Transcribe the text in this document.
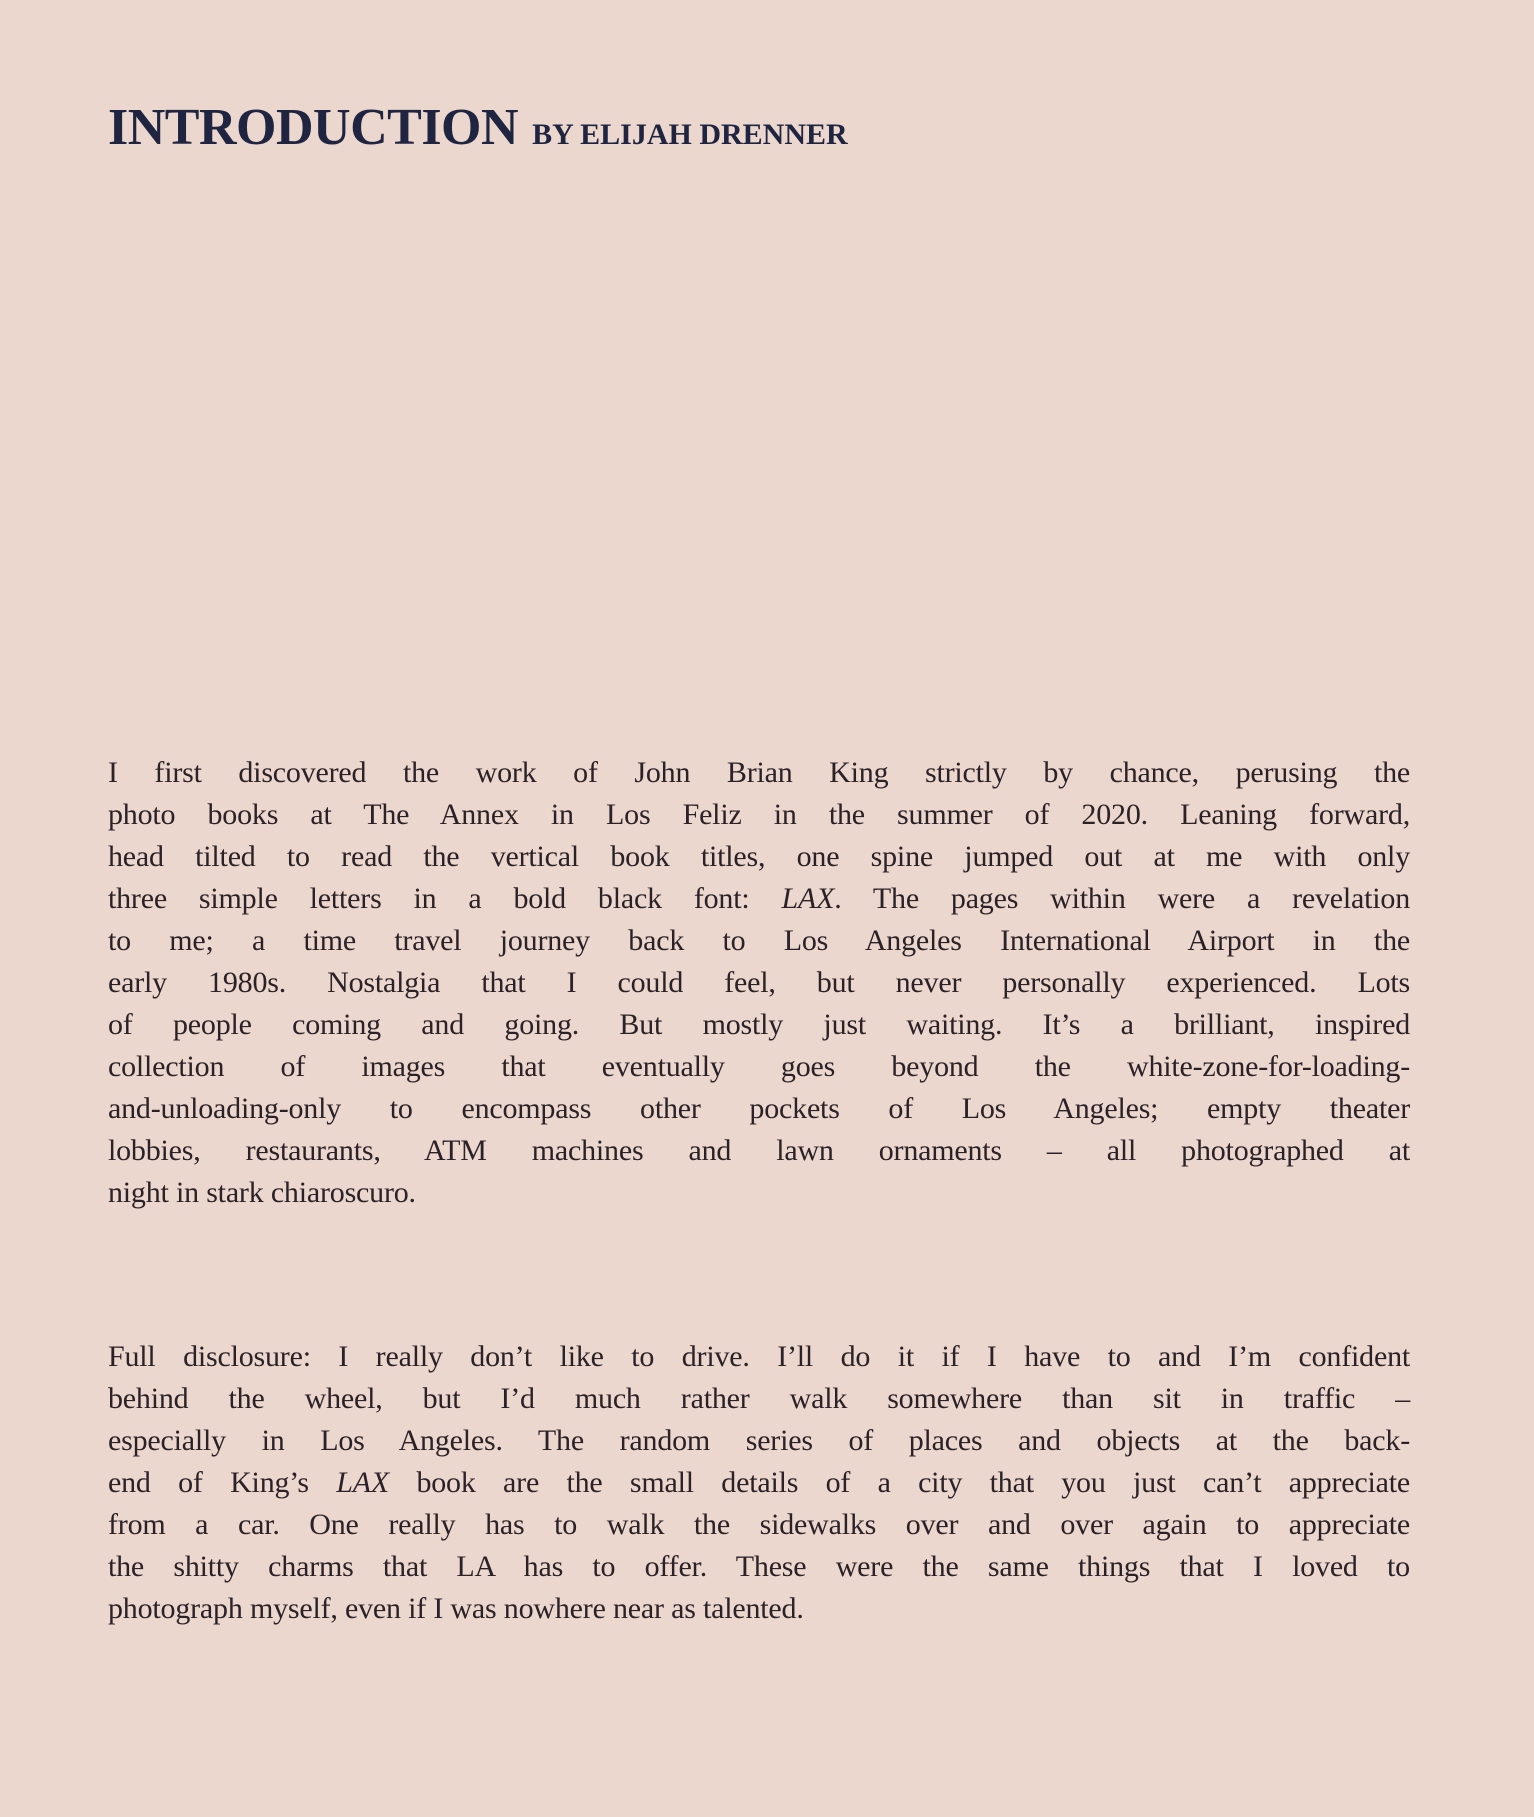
INTRODUCTION BY ELIJAH DRENNER
I first discovered the work of John Brian King strictly by chance, perusing the
photo books at The Annex in Los Feliz in the summer of 2020. Leaning forward,
head tilted to read the vertical book titles, one spine jumped out at me with only
three simple letters in a bold black font: LAX. The pages within were a revelation
to me; a time travel journey back to Los Angeles International Airport in the
early 1980s. Nostalgia that I could feel, but never personally experienced. Lots
of people coming and going. But mostly just waiting. It’s a brilliant, inspired
collection of images that eventually goes beyond the white-zone-for-loading-
and-unloading-only to encompass other pockets of Los Angeles; empty theater
lobbies, restaurants, ATM machines and lawn ornaments – all photographed at
night in stark chiaroscuro.
Full disclosure: I really don’t like to drive. I’ll do it if I have to and I’m confident
behind the wheel, but I’d much rather walk somewhere than sit in traffic –
especially in Los Angeles. The random series of places and objects at the back-
end of King’s LAX book are the small details of a city that you just can’t appreciate
from a car. One really has to walk the sidewalks over and over again to appreciate
the shitty charms that LA has to offer. These were the same things that I loved to
photograph myself, even if I was nowhere near as talented.
